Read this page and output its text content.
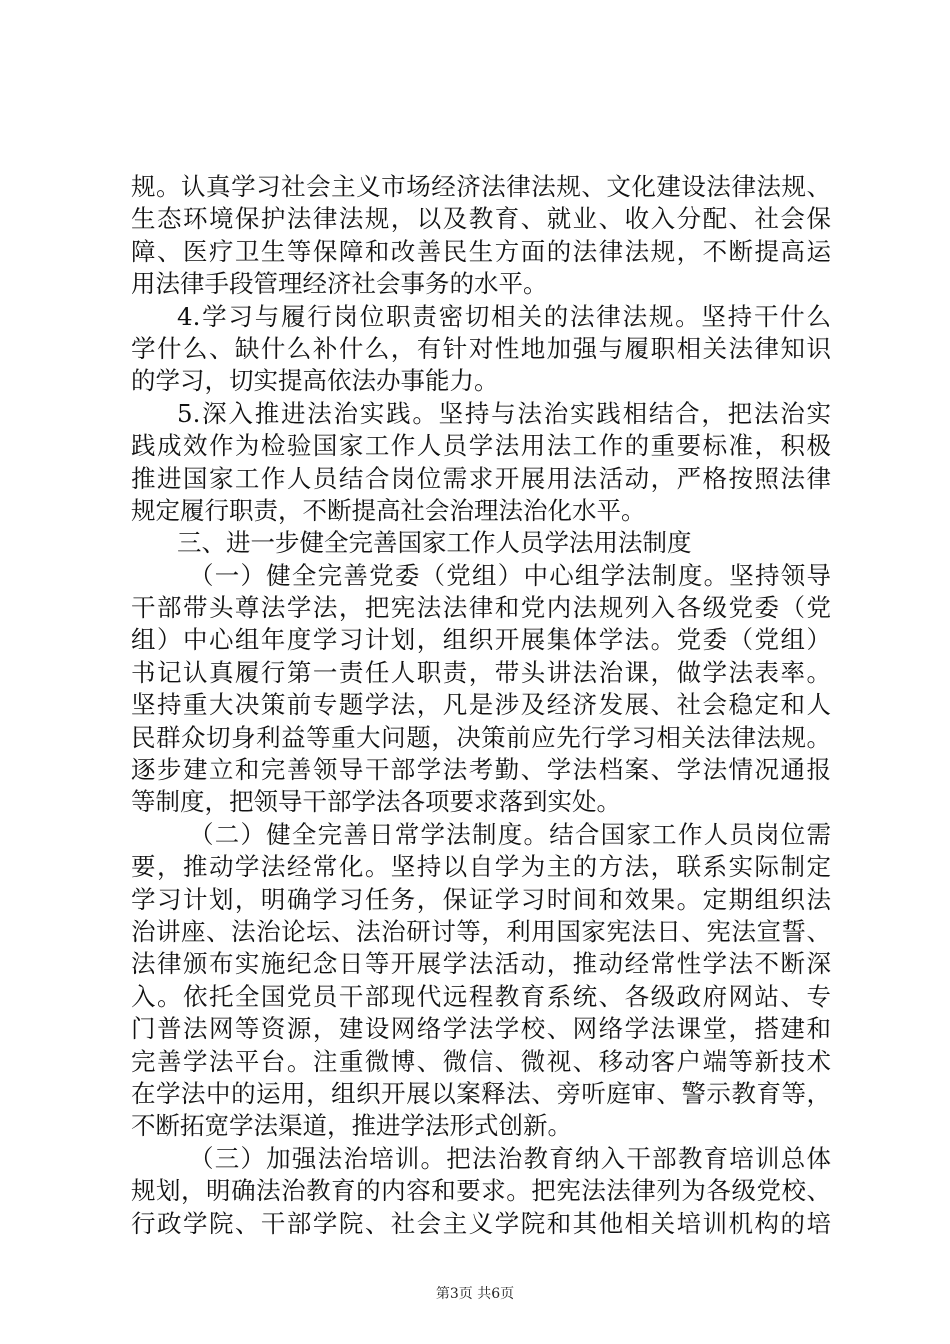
规。认真学习社会主义市场经济法律法规、文化建设法律法规、
生态环境保护法律法规，以及教育、就业、收入分配、社会保
障、医疗卫生等保障和改善民生方面的法律法规，不断提高运
用法律手段管理经济社会事务的水平。
4.学习与履行岗位职责密切相关的法律法规。坚持干什么
学什么、缺什么补什么，有针对性地加强与履职相关法律知识
的学习，切实提高依法办事能力。
5.深入推进法治实践。坚持与法治实践相结合，把法治实
践成效作为检验国家工作人员学法用法工作的重要标准，积极
推进国家工作人员结合岗位需求开展用法活动，严格按照法律
规定履行职责，不断提高社会治理法治化水平。
三、进一步健全完善国家工作人员学法用法制度
（一）健全完善党委（党组）中心组学法制度。坚持领导
干部带头尊法学法，把宪法法律和党内法规列入各级党委（党
组）中心组年度学习计划，组织开展集体学法。党委（党组）
书记认真履行第一责任人职责，带头讲法治课，做学法表率。
坚持重大决策前专题学法，凡是涉及经济发展、社会稳定和人
民群众切身利益等重大问题，决策前应先行学习相关法律法规。
逐步建立和完善领导干部学法考勤、学法档案、学法情况通报
等制度，把领导干部学法各项要求落到实处。
（二）健全完善日常学法制度。结合国家工作人员岗位需
要，推动学法经常化。坚持以自学为主的方法，联系实际制定
学习计划，明确学习任务，保证学习时间和效果。定期组织法
治讲座、法治论坛、法治研讨等，利用国家宪法日、宪法宣誓、
法律颁布实施纪念日等开展学法活动，推动经常性学法不断深
入。依托全国党员干部现代远程教育系统、各级政府网站、专
门普法网等资源，建设网络学法学校、网络学法课堂，搭建和
完善学法平台。注重微博、微信、微视、移动客户端等新技术
在学法中的运用，组织开展以案释法、旁听庭审、警示教育等，
不断拓宽学法渠道，推进学法形式创新。
（三）加强法治培训。把法治教育纳入干部教育培训总体
规划，明确法治教育的内容和要求。把宪法法律列为各级党校、
行政学院、干部学院、社会主义学院和其他相关培训机构的培
第3页 共6页
